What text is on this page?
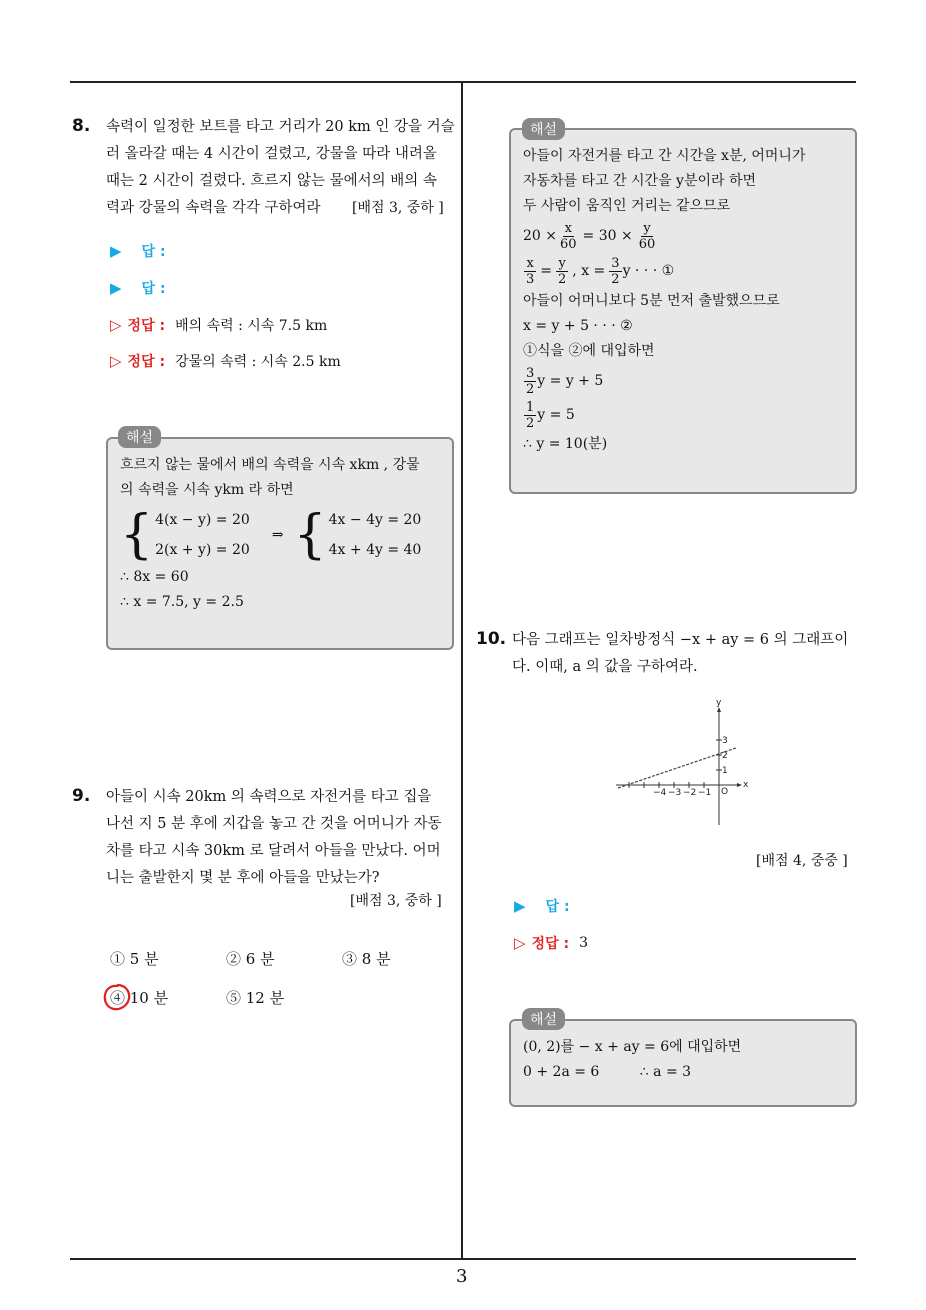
3
8. 속력이 일정한 보트를 타고 거리가 20 km 인 강을 거슬
러 올라갈 때는 4 시간이 걸렸고, 강물을 따라 내려올
때는 2 시간이 걸렸다. 흐르지 않는 물에서의 배의 속
력과 강물의 속력을 각각 구하여라	[배점 3, 중하 ]
▶ 답 :
▶ 답 :
▷ 정답 : 배의 속력 : 시속 7.5 km
▷ 정답 : 강물의 속력 : 시속 2.5 km
흐르지 않는 물에서 배의 속력을 시속 xkm , 강물
의 속력을 시속 ykm 라 하면
{ 4(x − y) = 20
2(x + y) = 20
⇒ { 4x − 4y = 20
4x + 4y = 40
∴ 8x = 60
∴ x = 7.5, y = 2.5
해설
9. 아들이 시속 20km 의 속력으로 자전거를 타고 집을
나선 지 5 분 후에 지갑을 놓고 간 것을 어머니가 자동
차를 타고 시속 30km 로 달려서 아들을 만났다. 어머
니는 출발한지 몇 분 후에 아들을 만났는가?
[배점 3, 중하 ]
① 5 분	② 6 분	③ 8 분
④ 10 분	⑤ 12 분
아들이 자전거를 타고 간 시간을 x분, 어머니가
자동차를 타고 간 시간을 y분이라 하면
두 사람이 움직인 거리는 같으므로
$20 \times \frac{x}{60} = 30 \times \frac{y}{60}$
$\frac{x}{3} = \frac{y}{2}$ , $x = \frac{3}{2}$ y · · · ①
아들이 어머니보다 5분 먼저 출발했으므로
x = y + 5 · · · ②
①식을 ②에 대입하면
$\frac{3}{2}$ y = y + 5
$\frac{1}{2}$ y = 5
∴ y = 10(분)
해설
10. 다음 그래프는 일차방정식 −x + ay = 6 의 그래프이
다. 이때, a 의 값을 구하여라.
x
y
O
−4 −3 −2 −1
1
2
3
[배점 4, 중중 ]
▶ 답 :
▷ 정답 : 3
(0, 2)를 − x + ay = 6에 대입하면
0 + 2a = 6	∴ a = 3
해설
